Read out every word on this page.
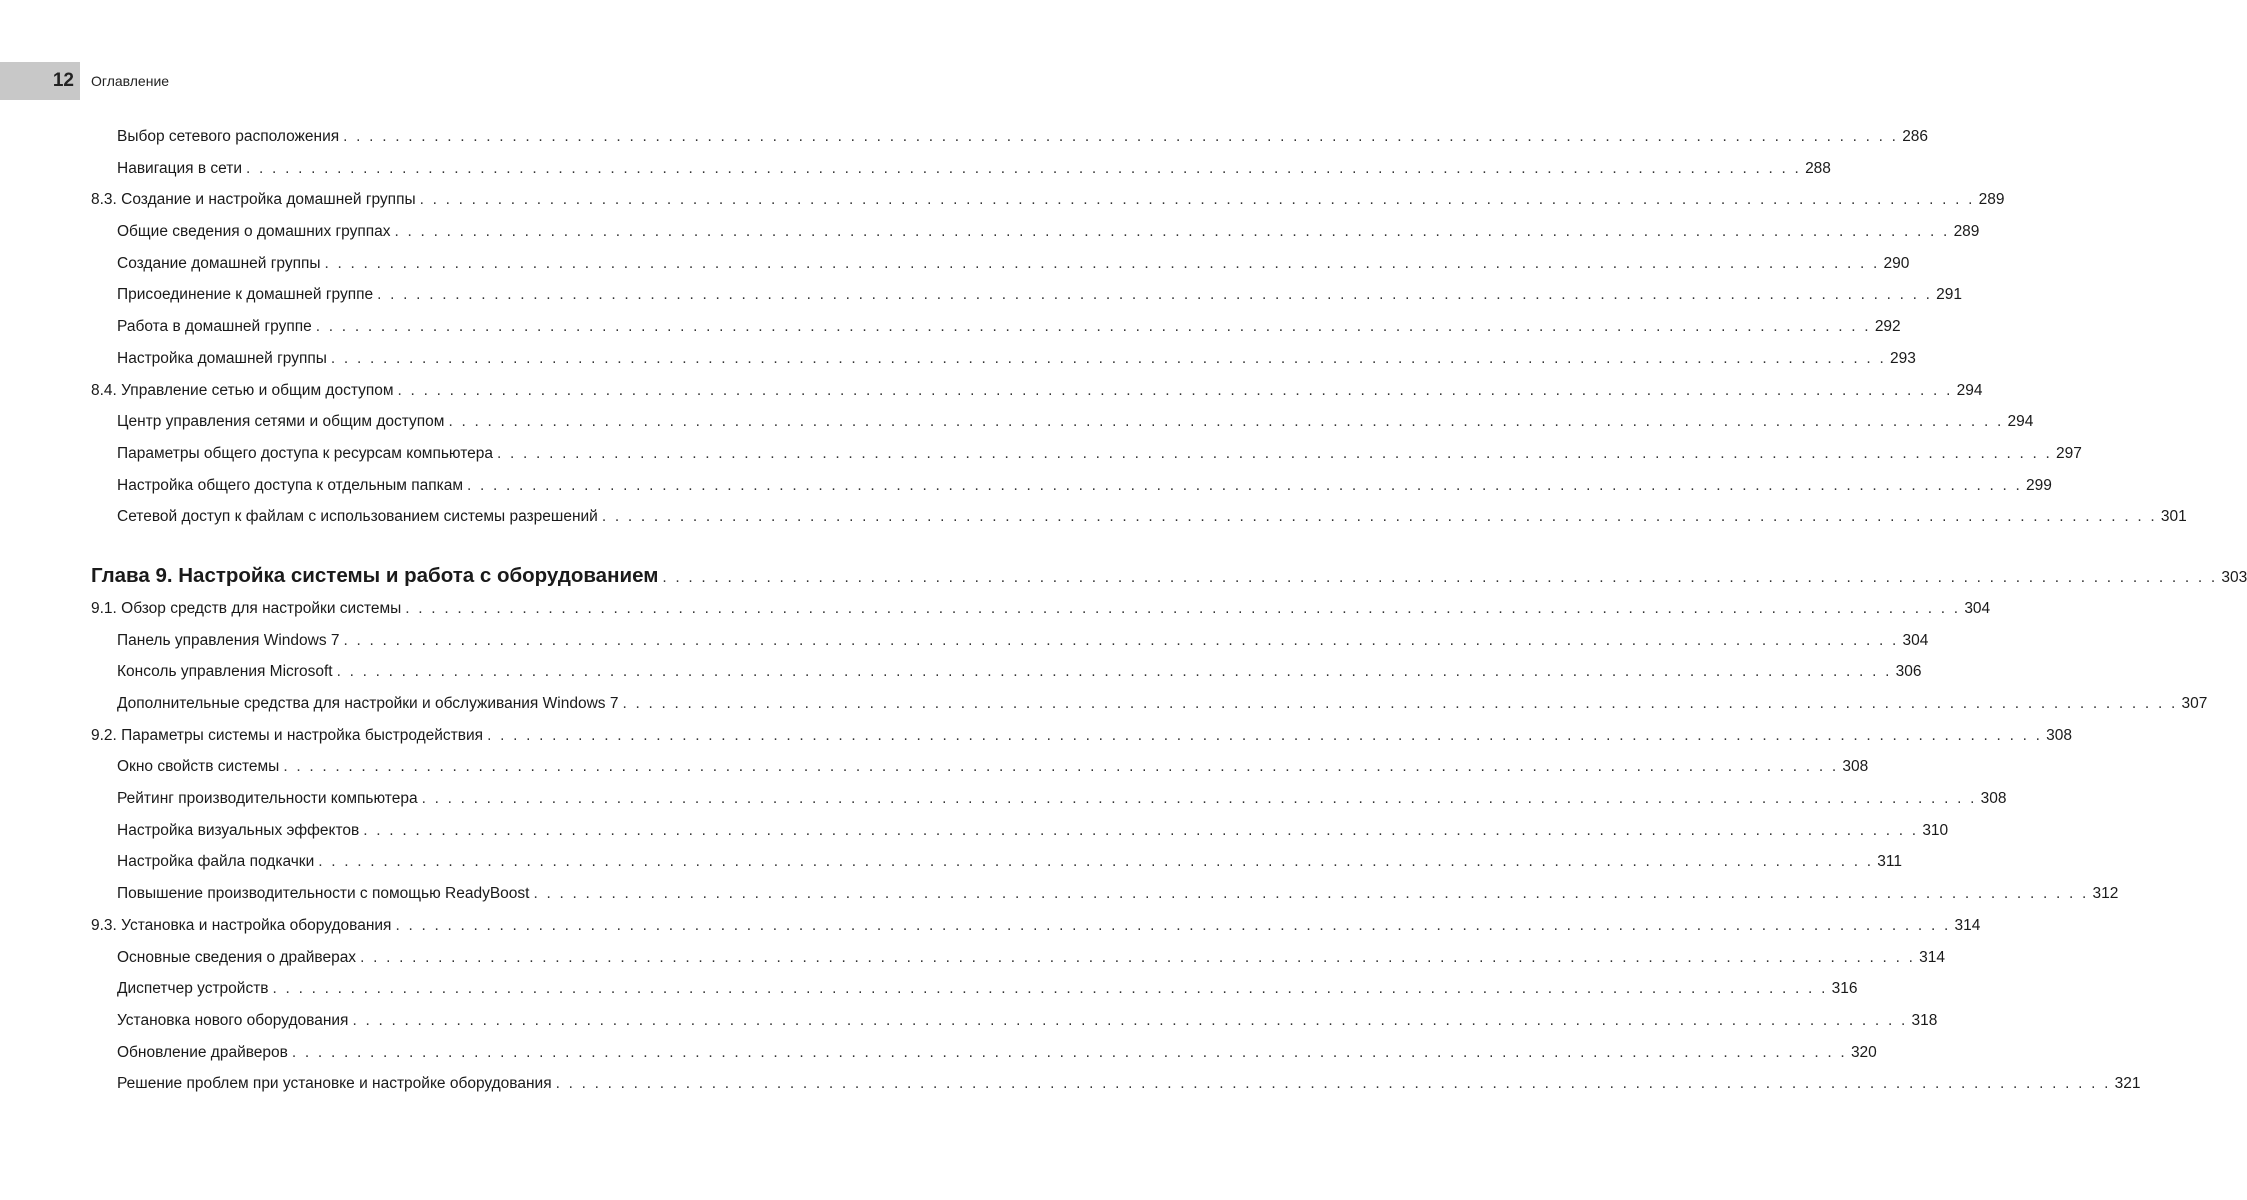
12 Оглавление
Выбор сетевого расположения . . . . . . . . . . . . . . . . . . . . . . . . . . . . . . . . . . . . . . . . . . . . . . . . . . . . . . . . . . . . . . . . . . . . . . . . . . . . . . . . . . . . . . . . . . . . . . . . . . . . . . . . . . . . . . . . . . . . . . . . 286
Навигация в сети . . . . . . . . . . . . . . . . . . . . . . . . . . . . . . . . . . . . . . . . . . . . . . . . . . . . . . . . . . . . . . . . . . . . . . . . . . . . . . . . . . . . . . . . . . . . . . . . . . . . . . . . . . . . . . . . . . . . . . . . 288
8.3. Создание и настройка домашней группы . . . . . . . . . . . . . . . . . . . . . . . . . . . . . . . . . . . . . . . . . . . . . . . . . . . . . . . . . . . . . . . . . . . . . . . . . . . . . . . . . . . . . . . . . . . . . . . . . . . . . . . . . . . . . . . . . . . . . . . . 289
Общие сведения о домашних группах . . . . . . . . . . . . . . . . . . . . . . . . . . . . . . . . . . . . . . . . . . . . . . . . . . . . . . . . . . . . . . . . . . . . . . . . . . . . . . . . . . . . . . . . . . . . . . . . . . . . . . . . . . . . . . . . . . . . . . . . 289
Создание домашней группы . . . . . . . . . . . . . . . . . . . . . . . . . . . . . . . . . . . . . . . . . . . . . . . . . . . . . . . . . . . . . . . . . . . . . . . . . . . . . . . . . . . . . . . . . . . . . . . . . . . . . . . . . . . . . . . . . . . . . . . . 290
Присоединение к домашней группе . . . . . . . . . . . . . . . . . . . . . . . . . . . . . . . . . . . . . . . . . . . . . . . . . . . . . . . . . . . . . . . . . . . . . . . . . . . . . . . . . . . . . . . . . . . . . . . . . . . . . . . . . . . . . . . . . . . . . . . . 291
Работа в домашней группе . . . . . . . . . . . . . . . . . . . . . . . . . . . . . . . . . . . . . . . . . . . . . . . . . . . . . . . . . . . . . . . . . . . . . . . . . . . . . . . . . . . . . . . . . . . . . . . . . . . . . . . . . . . . . . . . . . . . . . . . 292
Настройка домашней группы . . . . . . . . . . . . . . . . . . . . . . . . . . . . . . . . . . . . . . . . . . . . . . . . . . . . . . . . . . . . . . . . . . . . . . . . . . . . . . . . . . . . . . . . . . . . . . . . . . . . . . . . . . . . . . . . . . . . . . . . 293
8.4. Управление сетью и общим доступом . . . . . . . . . . . . . . . . . . . . . . . . . . . . . . . . . . . . . . . . . . . . . . . . . . . . . . . . . . . . . . . . . . . . . . . . . . . . . . . . . . . . . . . . . . . . . . . . . . . . . . . . . . . . . . . . . . . . . . . . 294
Центр управления сетями и общим доступом . . . . . . . . . . . . . . . . . . . . . . . . . . . . . . . . . . . . . . . . . . . . . . . . . . . . . . . . . . . . . . . . . . . . . . . . . . . . . . . . . . . . . . . . . . . . . . . . . . . . . . . . . . . . . . . . . . . . . . . . 294
Параметры общего доступа к ресурсам компьютера . . . . . . . . . . . . . . . . . . . . . . . . . . . . . . . . . . . . . . . . . . . . . . . . . . . . . . . . . . . . . . . . . . . . . . . . . . . . . . . . . . . . . . . . . . . . . . . . . . . . . . . . . . . . . . . . . . . . . . . . 297
Настройка общего доступа к отдельным папкам . . . . . . . . . . . . . . . . . . . . . . . . . . . . . . . . . . . . . . . . . . . . . . . . . . . . . . . . . . . . . . . . . . . . . . . . . . . . . . . . . . . . . . . . . . . . . . . . . . . . . . . . . . . . . . . . . . . . . . . . 299
Сетевой доступ к файлам с использованием системы разрешений . . . . . . . . . . . . . . . . . . . . . . . . . . . . . . . . . . . . . . . . . . . . . . . . . . . . . . . . . . . . . . . . . . . . . . . . . . . . . . . . . . . . . . . . . . . . . . . . . . . . . . . . . . . . . . . . . . . . . . . . 301
Глава 9. Настройка системы и работа с оборудованием . . . . . . . . . . . . . . . . . . . . . . . . . . . . . . . . . . . . . . . . . . . . . . . . . . . . . . . . . . . . . . . . . . . . . . . . . . . . . . . . . . . . . . . . . . . . . . . . . . . . . . . . . . . . . . . . . . . . . . . . 303
9.1. Обзор средств для настройки системы . . . . . . . . . . . . . . . . . . . . . . . . . . . . . . . . . . . . . . . . . . . . . . . . . . . . . . . . . . . . . . . . . . . . . . . . . . . . . . . . . . . . . . . . . . . . . . . . . . . . . . . . . . . . . . . . . . . . . . . . 304
Панель управления Windows 7 . . . . . . . . . . . . . . . . . . . . . . . . . . . . . . . . . . . . . . . . . . . . . . . . . . . . . . . . . . . . . . . . . . . . . . . . . . . . . . . . . . . . . . . . . . . . . . . . . . . . . . . . . . . . . . . . . . . . . . . . 304
Консоль управления Microsoft . . . . . . . . . . . . . . . . . . . . . . . . . . . . . . . . . . . . . . . . . . . . . . . . . . . . . . . . . . . . . . . . . . . . . . . . . . . . . . . . . . . . . . . . . . . . . . . . . . . . . . . . . . . . . . . . . . . . . . . . 306
Дополнительные средства для настройки и обслуживания Windows 7 . . . . . . . . . . . . . . . . . . . . . . . . . . . . . . . . . . . . . . . . . . . . . . . . . . . . . . . . . . . . . . . . . . . . . . . . . . . . . . . . . . . . . . . . . . . . . . . . . . . . . . . . . . . . . . . . . . . . . . . . 307
9.2. Параметры системы и настройка быстродействия . . . . . . . . . . . . . . . . . . . . . . . . . . . . . . . . . . . . . . . . . . . . . . . . . . . . . . . . . . . . . . . . . . . . . . . . . . . . . . . . . . . . . . . . . . . . . . . . . . . . . . . . . . . . . . . . . . . . . . . . 308
Окно свойств системы . . . . . . . . . . . . . . . . . . . . . . . . . . . . . . . . . . . . . . . . . . . . . . . . . . . . . . . . . . . . . . . . . . . . . . . . . . . . . . . . . . . . . . . . . . . . . . . . . . . . . . . . . . . . . . . . . . . . . . . . 308
Рейтинг производительности компьютера . . . . . . . . . . . . . . . . . . . . . . . . . . . . . . . . . . . . . . . . . . . . . . . . . . . . . . . . . . . . . . . . . . . . . . . . . . . . . . . . . . . . . . . . . . . . . . . . . . . . . . . . . . . . . . . . . . . . . . . . 308
Настройка визуальных эффектов . . . . . . . . . . . . . . . . . . . . . . . . . . . . . . . . . . . . . . . . . . . . . . . . . . . . . . . . . . . . . . . . . . . . . . . . . . . . . . . . . . . . . . . . . . . . . . . . . . . . . . . . . . . . . . . . . . . . . . . . 310
Настройка файла подкачки . . . . . . . . . . . . . . . . . . . . . . . . . . . . . . . . . . . . . . . . . . . . . . . . . . . . . . . . . . . . . . . . . . . . . . . . . . . . . . . . . . . . . . . . . . . . . . . . . . . . . . . . . . . . . . . . . . . . . . . . 311
Повышение производительности с помощью ReadyBoost . . . . . . . . . . . . . . . . . . . . . . . . . . . . . . . . . . . . . . . . . . . . . . . . . . . . . . . . . . . . . . . . . . . . . . . . . . . . . . . . . . . . . . . . . . . . . . . . . . . . . . . . . . . . . . . . . . . . . . . . 312
9.3. Установка и настройка оборудования . . . . . . . . . . . . . . . . . . . . . . . . . . . . . . . . . . . . . . . . . . . . . . . . . . . . . . . . . . . . . . . . . . . . . . . . . . . . . . . . . . . . . . . . . . . . . . . . . . . . . . . . . . . . . . . . . . . . . . . . 314
Основные сведения о драйверах . . . . . . . . . . . . . . . . . . . . . . . . . . . . . . . . . . . . . . . . . . . . . . . . . . . . . . . . . . . . . . . . . . . . . . . . . . . . . . . . . . . . . . . . . . . . . . . . . . . . . . . . . . . . . . . . . . . . . . . . 314
Диспетчер устройств . . . . . . . . . . . . . . . . . . . . . . . . . . . . . . . . . . . . . . . . . . . . . . . . . . . . . . . . . . . . . . . . . . . . . . . . . . . . . . . . . . . . . . . . . . . . . . . . . . . . . . . . . . . . . . . . . . . . . . . . 316
Установка нового оборудования . . . . . . . . . . . . . . . . . . . . . . . . . . . . . . . . . . . . . . . . . . . . . . . . . . . . . . . . . . . . . . . . . . . . . . . . . . . . . . . . . . . . . . . . . . . . . . . . . . . . . . . . . . . . . . . . . . . . . . . . 318
Обновление драйверов . . . . . . . . . . . . . . . . . . . . . . . . . . . . . . . . . . . . . . . . . . . . . . . . . . . . . . . . . . . . . . . . . . . . . . . . . . . . . . . . . . . . . . . . . . . . . . . . . . . . . . . . . . . . . . . . . . . . . . . . 320
Решение проблем при установке и настройке оборудования . . . . . . . . . . . . . . . . . . . . . . . . . . . . . . . . . . . . . . . . . . . . . . . . . . . . . . . . . . . . . . . . . . . . . . . . . . . . . . . . . . . . . . . . . . . . . . . . . . . . . . . . . . . . . . . . . . . . . . . . 321
